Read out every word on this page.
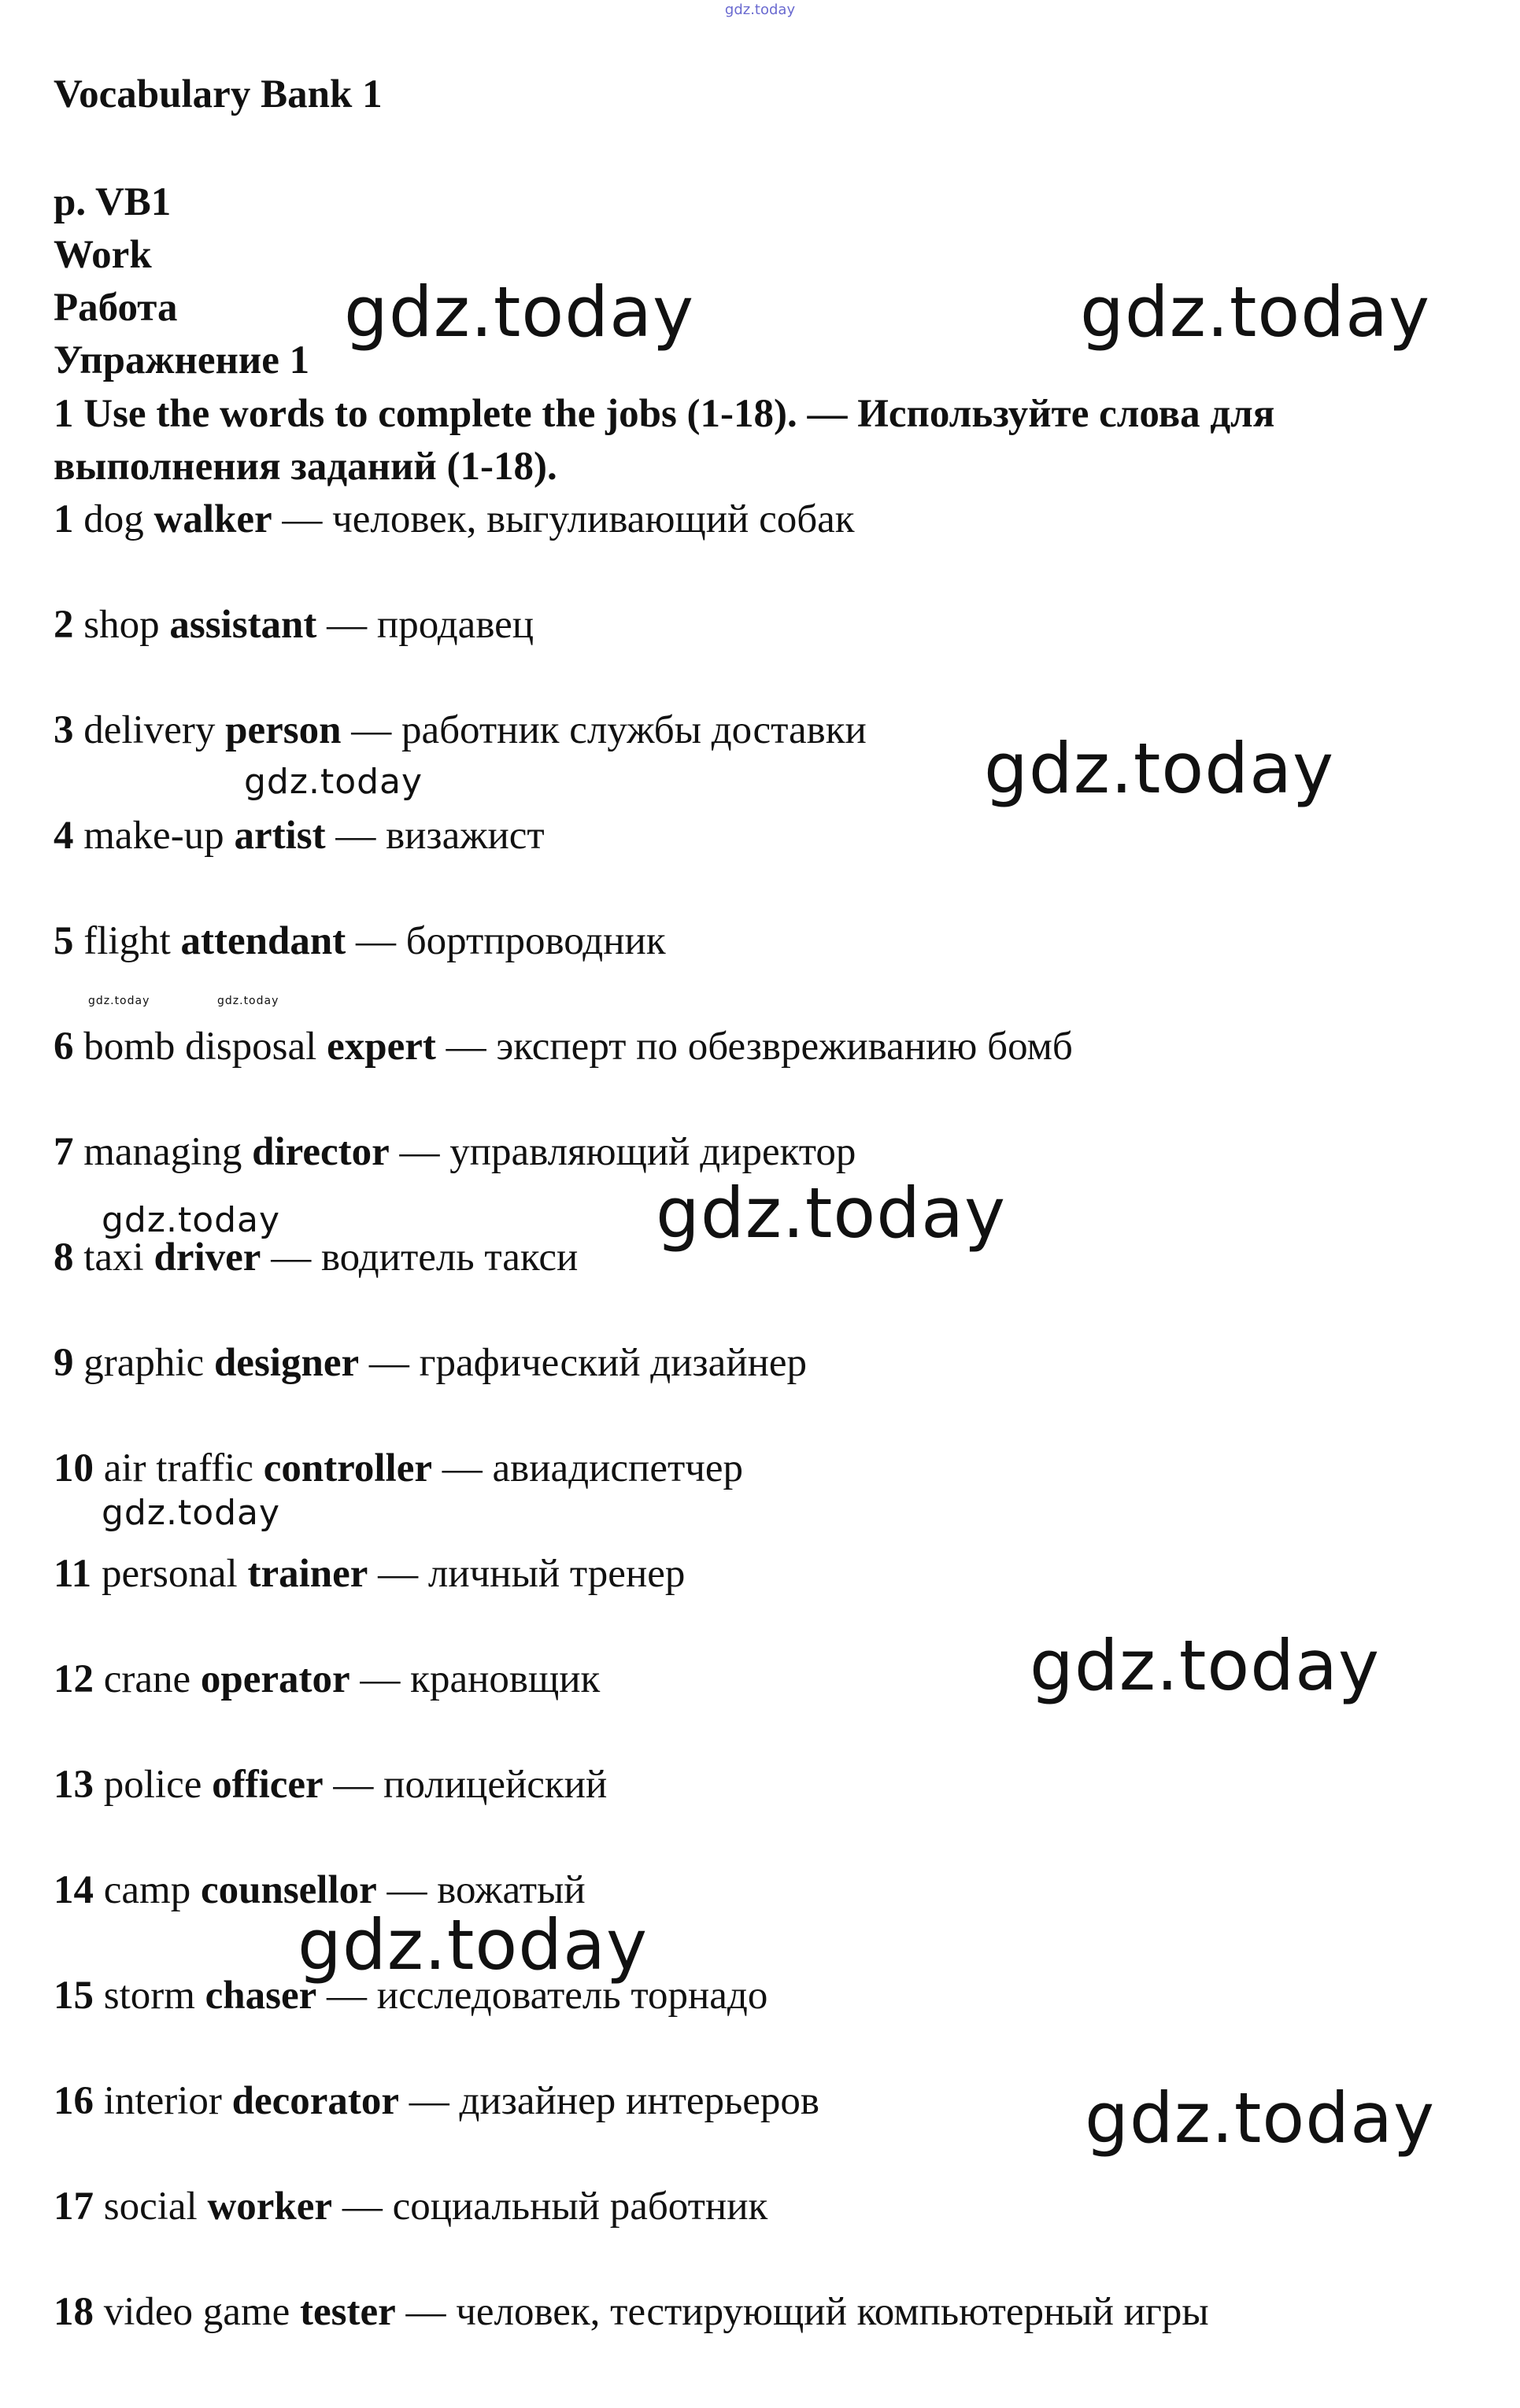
gdz.today
Vocabulary Bank 1
p. VB1
Work
Работа
Упражнение 1
1 Use the words to complete the jobs (1-18). — Используйте слова для
выполнения заданий (1-18).
1 dog walker — человек, выгуливающий собак
2 shop assistant — продавец
3 delivery person — работник службы доставки
4 make-up artist — визажист
5 flight attendant — бортпроводник
6 bomb disposal expert — эксперт по обезвреживанию бомб
7 managing director — управляющий директор
8 taxi driver — водитель такси
9 graphic designer — графический дизайнер
10 air traffic controller — авиадиспетчер
11 personal trainer — личный тренер
12 crane operator — крановщик
13 police officer — полицейский
14 camp counsellor — вожатый
15 storm chaser — исследователь торнадо
16 interior decorator — дизайнер интерьеров
17 social worker — социальный работник
18 video game tester — человек, тестирующий компьютерный игры
gdz.today	gdz.today
gdz.today
gdz.today
gdz.today	gdz.today
gdz.today	gdz.today
gdz.today
gdz.today
gdz.today
gdz.today
